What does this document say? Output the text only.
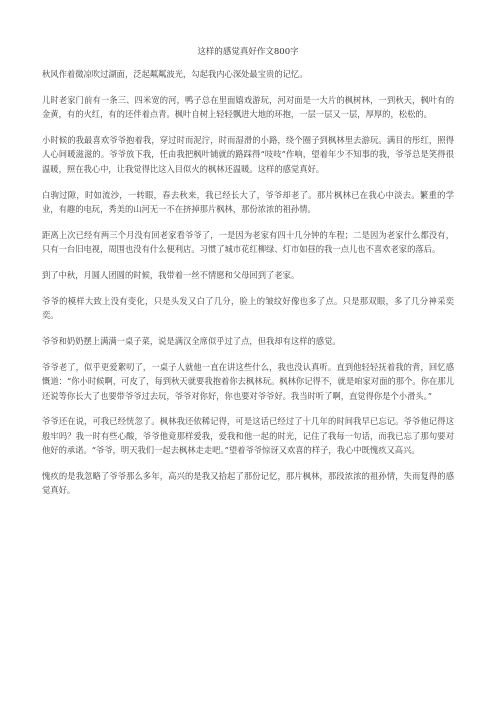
这样的感觉真好作文800字

秋风作着微凉吹过湖面，泛起粼粼波光，勾起我内心深处最宝贵的记忆。

儿时老家门前有一条三、四米宽的河，鸭子总在里面嬉戏游玩，河对面是一大片的枫树林，一到秋天，枫叶有的金黄，有的火红，有的还伴着点青。枫叶自树上轻轻飘进大地的环抱，一层一层又一层，厚厚的，松松的。

小时候的我最喜欢爷爷抱着我，穿过时而泥泞，时而湿滑的小路，绕个圈子到枫林里去游玩。满目的彤红，照得人心间暖滋滋的。爷爷放下我，任由我把枫叶铺就的路踩得“吱吱”作响，望着年少不知事的我，爷爷总是笑得很温暖，照在我心中，让我觉得比这入目似火的枫林还温暖。这样的感觉真好。

白驹过隙，时如流沙，一转眼，春去秋来，我已经长大了，爷爷却老了。那片枫林已在我心中淡去。繁重的学业，有趣的电玩，秀美的山河无一不在挤掉那片枫林，那份浓浓的祖孙情。

距离上次已经有两三个月没有回老家看爷爷了，一是因为老家有四十几分钟的车程；二是因为老家什么都没有，只有一台旧电视，周围也没有什么便利店。习惯了城市花红柳绿、灯市如昼的我一点儿也不喜欢老家的落后。

到了中秋，月圆人团圆的时候，我带着一丝不情愿和父母回到了老家。

爷爷的模样大致上没有变化，只是头发又白了几分，脸上的皱纹好像也多了点。只是那双眼，多了几分神采奕奕。

爷爷和奶奶摆上满满一桌子菜，说是满汉全席似乎过了点，但我却有这样的感觉。

爷爷老了，似乎更爱絮叨了，一桌子人就他一直在讲这些什么，我也没认真听。直到他轻轻抚着我的背，回忆感慨道：“你小时候啊，可皮了，每到秋天就要我抱着你去枫林玩。枫林你记得不，就是咱家对面的那个。你在那儿还说等你长大了也要带爷爷过去玩，爷爷对你好，你也要对爷爷好。我当时听了啊，直觉得你是个小滑头。”

爷爷还在说，可我已经恍忽了。枫林我还依稀记得，可是这话已经过了十几年的时间我早已忘记。爷爷他记得这般牢吗？我一时有些心酸，爷爷他竟那样爱我，爱我和他一起的时光，记住了我每一句话，而我已忘了那句要对他好的承诺。“爷爷，明天我们一起去枫林走走吧。”望着爷爷惊讶又欢喜的样子，我心中既愧疚又高兴。

愧疚的是我忽略了爷爷那么多年，高兴的是我又拾起了那份记忆，那片枫林，那段浓浓的祖孙情，失而复得的感觉真好。
